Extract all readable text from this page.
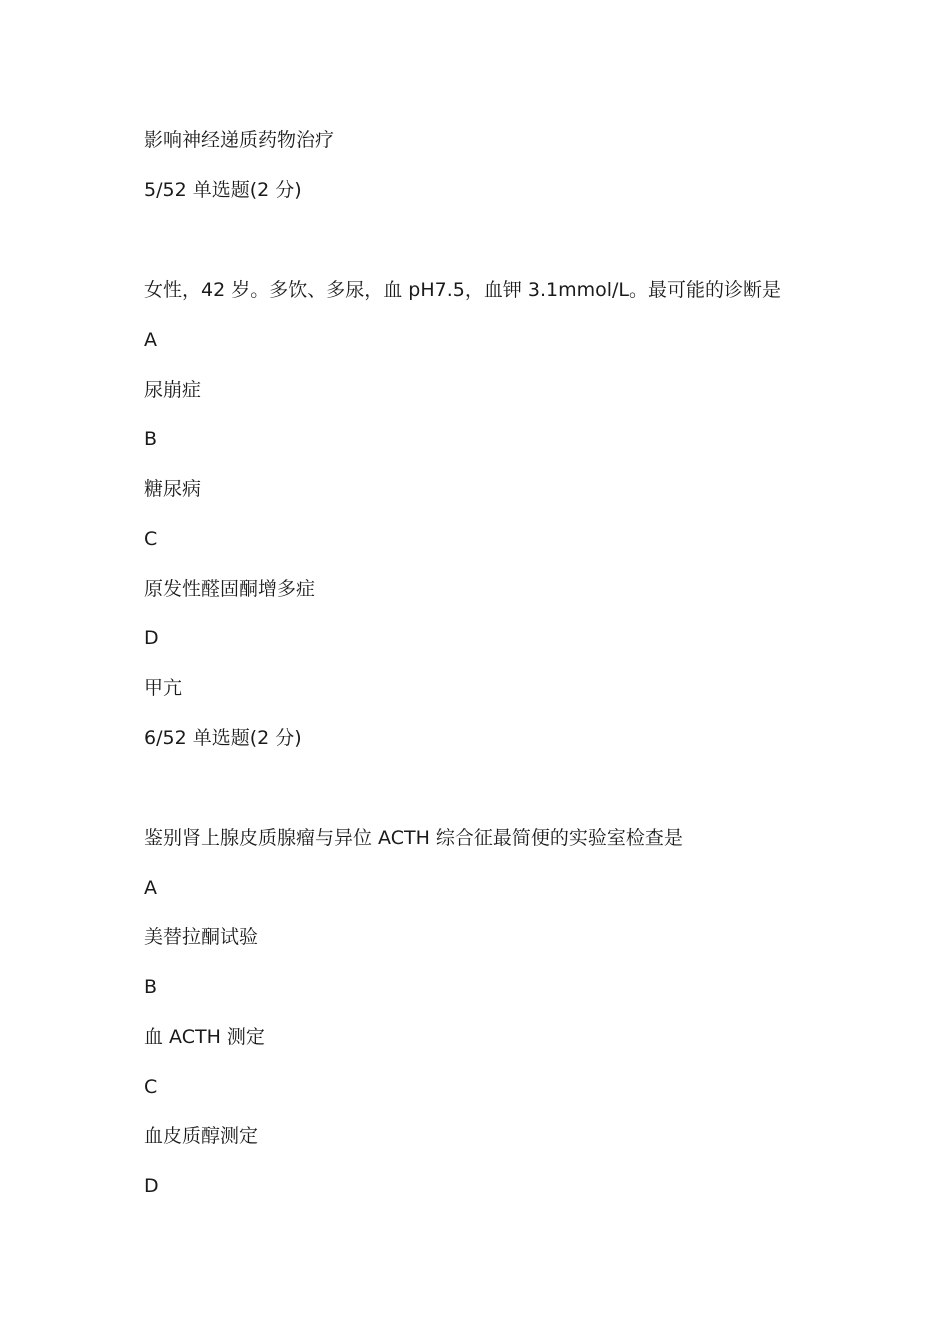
影响神经递质药物治疗
5/52 单选题(2 分)
女性，42 岁。多饮、多尿，血 pH7.5，血钾 3.1mmol/L。最可能的诊断是
A
尿崩症
B
糖尿病
C
原发性醛固酮增多症
D
甲亢
6/52 单选题(2 分)
鉴别肾上腺皮质腺瘤与异位 ACTH 综合征最简便的实验室检查是
A
美替拉酮试验
B
血 ACTH 测定
C
血皮质醇测定
D
